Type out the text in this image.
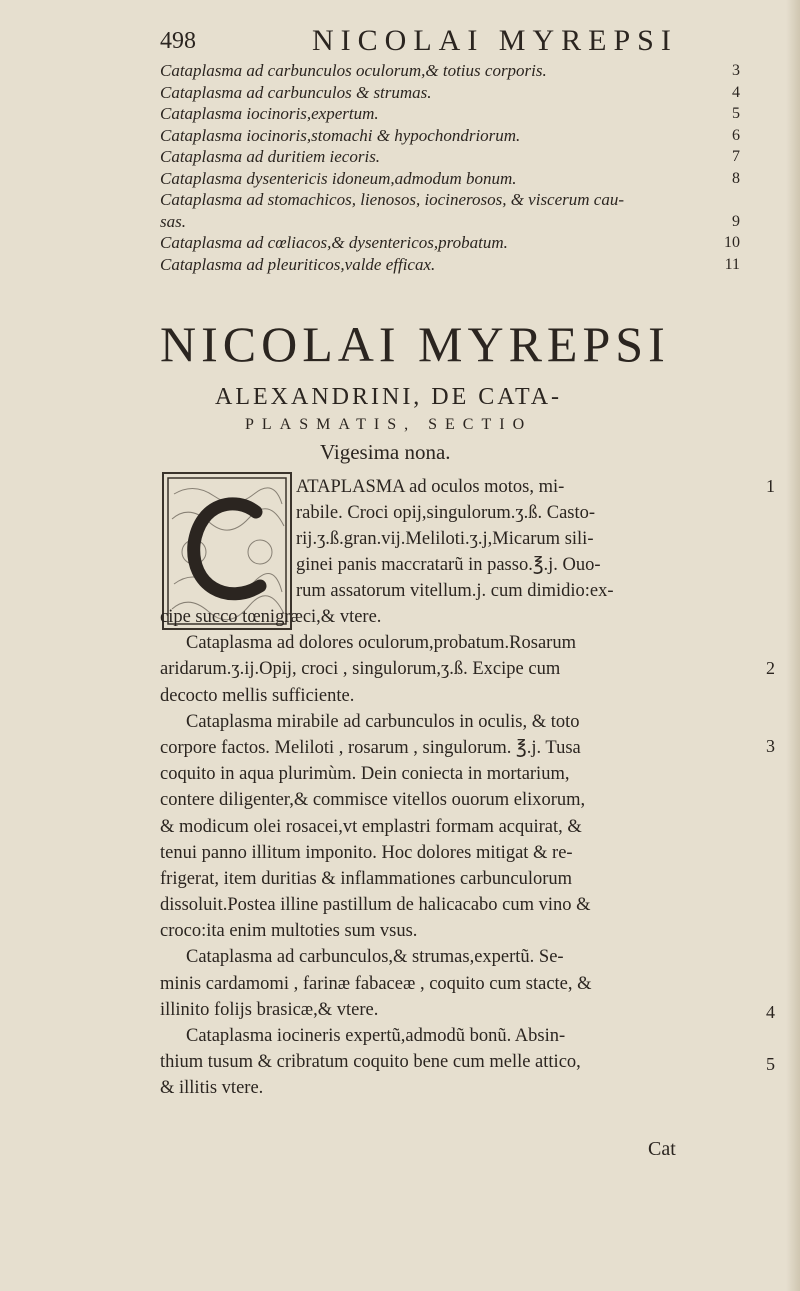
498	NICOLAI MYREPSI
Cataplasma ad carbunculos oculorum,& totius corporis.	3
Cataplasma ad carbunculos & strumas.	4
Cataplasma iocinoris,expertum.	5
Cataplasma iocinoris,stomachi & hypochondriorum.	6
Cataplasma ad duritiem iecoris.	7
Cataplasma dysentericis idoneum,admodum bonum.	8
Cataplasma ad stomachicos, lienosos, iocinerosos, & viscerum cau-
sas.	9
Cataplasma ad cœliacos,& dysentericos,probatum.	10
Cataplasma ad pleuriticos,valde efficax.	11
NICOLAI MYREPSI
ALEXANDRINI, DE CATA-
PLASMATIS, SECTIO
Vigesima nona.
ATAPLASMA ad oculos motos, mi-
rabile. Croci opij,singulorum.ʒ.ß. Casto-
rij.ʒ.ß.gran.vij.Meliloti.ʒ.j,Micarum sili-
ginei panis maccratarũ in passo.℥.j. Ouo-
rum assatorum vitellum.j. cum dimidio:ex-
cipe succo tœnigræci,& vtere.
Cataplasma ad dolores oculorum,probatum.Rosarum
aridarum.ʒ.ij.Opij, croci , singulorum,ʒ.ß. Excipe cum
decocto mellis sufficiente.
Cataplasma mirabile ad carbunculos in oculis, & toto
corpore factos. Meliloti , rosarum , singulorum. ℥.j. Tusa
coquito in aqua plurimùm. Dein coniecta in mortarium,
contere diligenter,& commisce vitellos ouorum elixorum,
& modicum olei rosacei,vt emplastri formam acquirat, &
tenui panno illitum imponito. Hoc dolores mitigat & re-
frigerat, item duritias & inflammationes carbunculorum
dissoluit.Postea illine pastillum de halicacabo cum vino &
croco:ita enim multoties sum vsus.
Cataplasma ad carbunculos,& strumas,expertũ. Se-
minis cardamomi , farinæ fabaceæ , coquito cum stacte, &
illinito folijs brasicæ,& vtere.
Cataplasma iocineris expertũ,admodũ bonũ. Absin-
thium tusum & cribratum coquito bene cum melle attico,
& illitis vtere.
1
2
3
4
5
Cat
